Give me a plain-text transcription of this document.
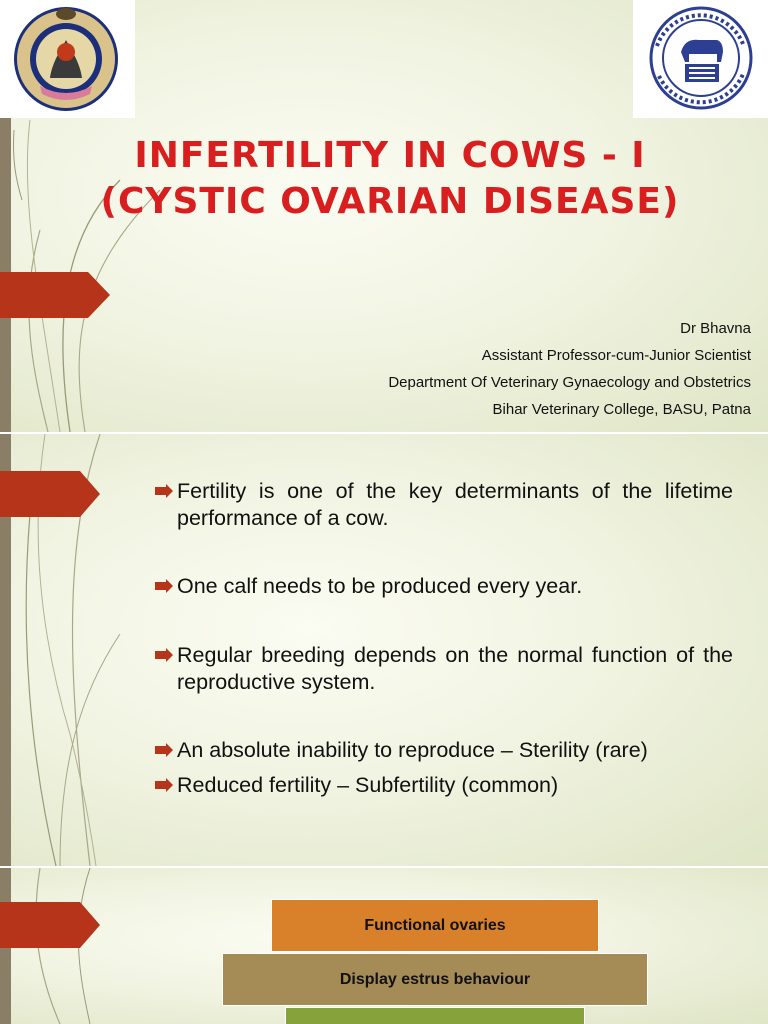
INFERTILITY IN COWS - I
(CYSTIC OVARIAN DISEASE)
Dr Bhavna
Assistant Professor-cum-Junior Scientist
Department Of Veterinary Gynaecology and Obstetrics
Bihar Veterinary College, BASU, Patna
Fertility is one of the key determinants of the lifetime performance of a cow.
One calf needs to be produced every year.
Regular breeding depends on the normal function of the reproductive system.
An absolute inability to reproduce – Sterility (rare)
Reduced fertility – Subfertility (common)
Functional ovaries
Display estrus behaviour
